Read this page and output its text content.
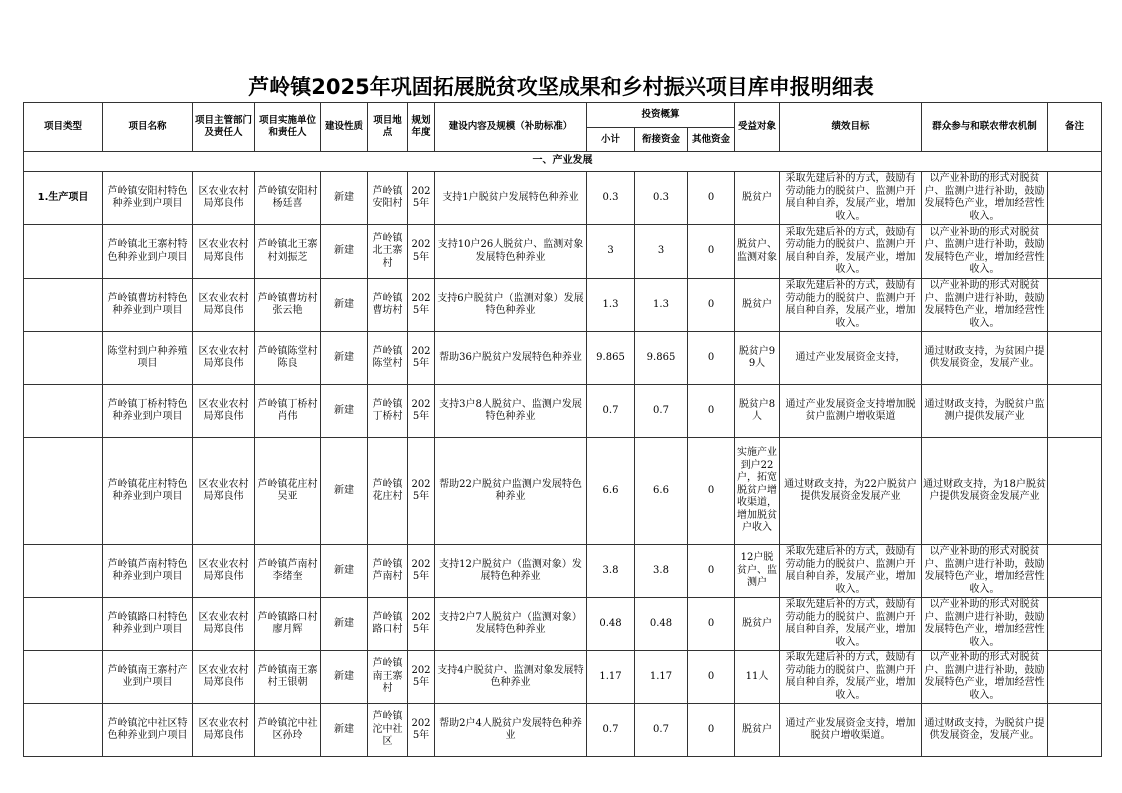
芦岭镇2025年巩固拓展脱贫攻坚成果和乡村振兴项目库申报明细表
项目类型	项目名称	项目主管部门及责任人	项目实施单位和责任人	建设性质	项目地点	规划年度	建设内容及规模（补助标准）	投资概算			受益对象	绩效目标	群众参与和联农带农机制	备注
								小计	衔接资金	其他资金				
一、产业发展														
1.生产项目	芦岭镇安阳村特色种养业到户项目	区农业农村局郑良伟	芦岭镇安阳村 杨廷喜	新建	芦岭镇安阳村	2025年	支持1户脱贫户发展特色种养业	0.3	0.3	0	脱贫户	采取先建后补的方式，鼓励有劳动能力的脱贫户、监测户开展自种自养，发展产业，增加收入。	以产业补助的形式对脱贫户、监测户进行补助，鼓励发展特色产业，增加经营性收入。	
	芦岭镇北王寨村特色种养业到户项目	区农业农村局郑良伟	芦岭镇北王寨村刘振芝	新建	芦岭镇北王寨村	2025年	支持10户26人脱贫户、监测对象发展特色种养业	3	3	0	脱贫户、监测对象	采取先建后补的方式，鼓励有劳动能力的脱贫户、监测户开展自种自养，发展产业，增加收入。	以产业补助的形式对脱贫户、监测户进行补助，鼓励发展特色产业，增加经营性收入。	
	芦岭镇曹坊村特色种养业到户项目	区农业农村局郑良伟	芦岭镇曹坊村张云艳	新建	芦岭镇曹坊村	2025年	支持6户脱贫户（监测对象）发展特色种养业	1.3	1.3	0	脱贫户	采取先建后补的方式，鼓励有劳动能力的脱贫户、监测户开展自种自养，发展产业，增加收入。	以产业补助的形式对脱贫户、监测户进行补助，鼓励发展特色产业，增加经营性收入。	
	陈堂村到户种养殖项目	区农业农村局郑良伟	芦岭镇陈堂村陈良	新建	芦岭镇陈堂村	2025年	帮助36户脱贫户发展特色种养业	9.865	9.865	0	脱贫户99人	通过产业发展资金支持，	通过财政支持，为贫困户提供发展资金，发展产业。	
	芦岭镇丁桥村特色种养业到户项目	区农业农村局郑良伟	芦岭镇丁桥村 肖伟	新建	芦岭镇丁桥村	2025年	支持3户8人脱贫户、监测户发展特色种养业	0.7	0.7	0	脱贫户8人	通过产业发展资金支持增加脱贫户监测户增收渠道	通过财政支持，为脱贫户监测户提供发展产业	
	芦岭镇花庄村特色种养业到户项目	区农业农村局郑良伟	芦岭镇花庄村吴亚	新建	芦岭镇花庄村	2025年	帮助22户脱贫户监测户发展特色种养业	6.6	6.6	0	实施产业到户22户，拓宽脱贫户增收渠道，增加脱贫户收入	通过财政支持，为22户脱贫户提供发展资金发展产业	通过财政支持，为18户脱贫户提供发展资金发展产业	
	芦岭镇芦南村特色种养业到户项目	区农业农村局郑良伟	芦岭镇芦南村李绪奎	新建	芦岭镇芦南村	2025年	支持12户脱贫户（监测对象）发展特色种养业	3.8	3.8	0	12户脱贫户、监测户	采取先建后补的方式，鼓励有劳动能力的脱贫户、监测户开展自种自养，发展产业，增加收入。	以产业补助的形式对脱贫户、监测户进行补助，鼓励发展特色产业，增加经营性收入。	
	芦岭镇路口村特色种养业到户项目	区农业农村局郑良伟	芦岭镇路口村 廖月辉	新建	芦岭镇路口村	2025年	支持2户7人脱贫户（监测对象）发展特色种养业	0.48	0.48	0	脱贫户	采取先建后补的方式，鼓励有劳动能力的脱贫户、监测户开展自种自养，发展产业，增加收入。	以产业补助的形式对脱贫户、监测户进行补助，鼓励发展特色产业，增加经营性收入。	
	芦岭镇南王寨村产业到户项目	区农业农村局郑良伟	芦岭镇南王寨村王银朝	新建	芦岭镇南王寨村	2025年	支持4户脱贫户、监测对象发展特色种养业	1.17	1.17	0	11人	采取先建后补的方式，鼓励有劳动能力的脱贫户、监测户开展自种自养，发展产业，增加收入。	以产业补助的形式对脱贫户、监测户进行补助，鼓励发展特色产业，增加经营性收入。	
	芦岭镇沱中社区特色种养业到户项目	区农业农村局郑良伟	芦岭镇沱中社区孙玲	新建	芦岭镇沱中社区	2025年	帮助2户4人脱贫户发展特色种养业	0.7	0.7	0	脱贫户	通过产业发展资金支持，增加脱贫户增收渠道。	通过财政支持，为脱贫户提供发展资金，发展产业。	
